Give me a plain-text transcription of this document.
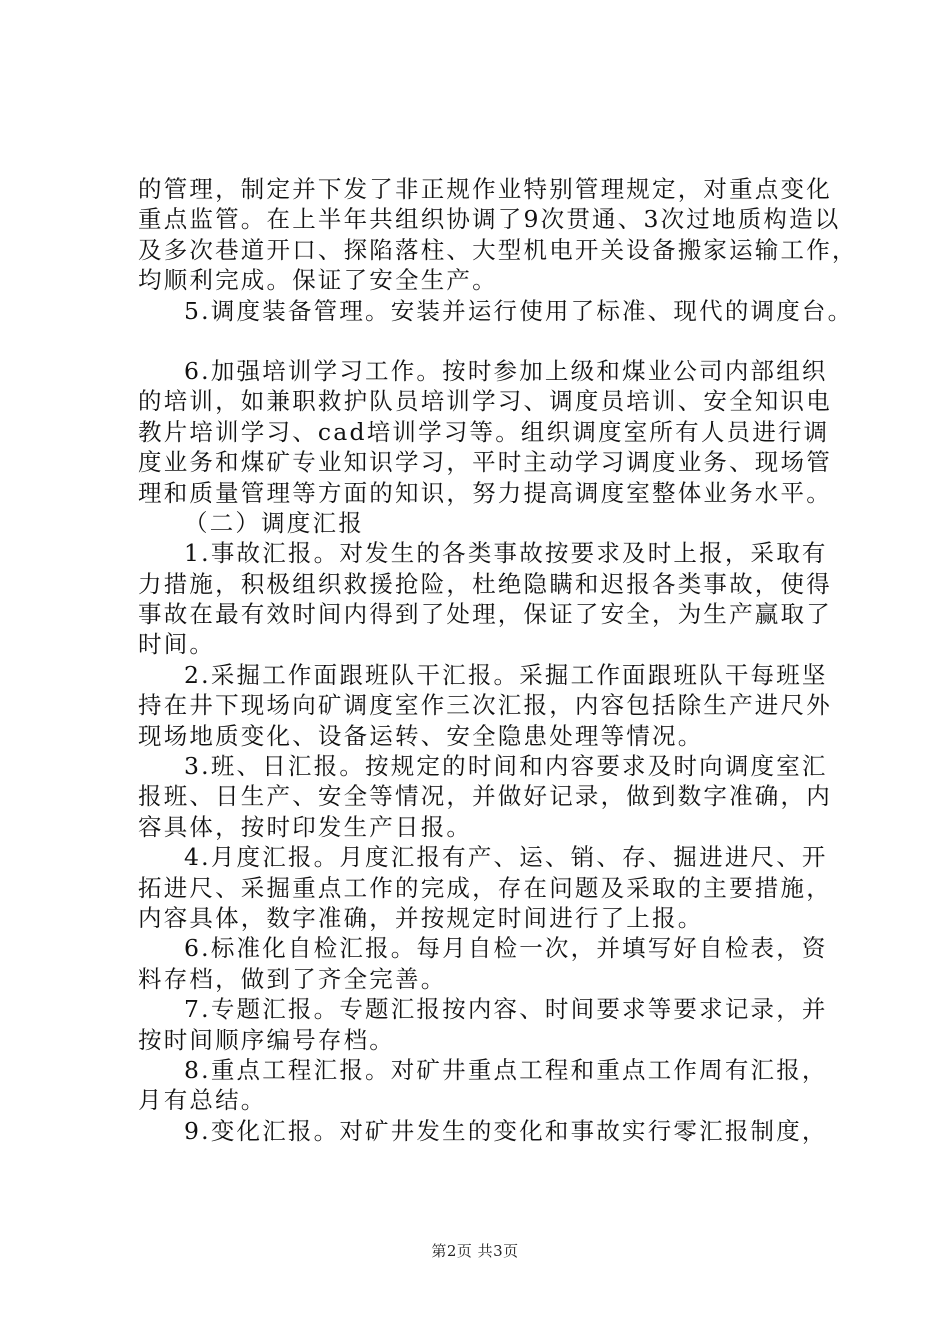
的管理，制定并下发了非正规作业特别管理规定，对重点变化
重点监管。在上半年共组织协调了9次贯通、3次过地质构造以
及多次巷道开口、探陷落柱、大型机电开关设备搬家运输工作，
均顺利完成。保证了安全生产。
5.调度装备管理。安装并运行使用了标准、现代的调度台。
6.加强培训学习工作。按时参加上级和煤业公司内部组织
的培训，如兼职救护队员培训学习、调度员培训、安全知识电
教片培训学习、cad培训学习等。组织调度室所有人员进行调
度业务和煤矿专业知识学习，平时主动学习调度业务、现场管
理和质量管理等方面的知识，努力提高调度室整体业务水平。
（二）调度汇报
1.事故汇报。对发生的各类事故按要求及时上报，采取有
力措施，积极组织救援抢险，杜绝隐瞒和迟报各类事故，使得
事故在最有效时间内得到了处理，保证了安全，为生产赢取了
时间。
2.采掘工作面跟班队干汇报。采掘工作面跟班队干每班坚
持在井下现场向矿调度室作三次汇报，内容包括除生产进尺外
现场地质变化、设备运转、安全隐患处理等情况。
3.班、日汇报。按规定的时间和内容要求及时向调度室汇
报班、日生产、安全等情况，并做好记录，做到数字准确，内
容具体，按时印发生产日报。
4.月度汇报。月度汇报有产、运、销、存、掘进进尺、开
拓进尺、采掘重点工作的完成，存在问题及采取的主要措施，
内容具体，数字准确，并按规定时间进行了上报。
6.标准化自检汇报。每月自检一次，并填写好自检表，资
料存档，做到了齐全完善。
7.专题汇报。专题汇报按内容、时间要求等要求记录，并
按时间顺序编号存档。
8.重点工程汇报。对矿井重点工程和重点工作周有汇报，
月有总结。
9.变化汇报。对矿井发生的变化和事故实行零汇报制度，
第2页 共3页
